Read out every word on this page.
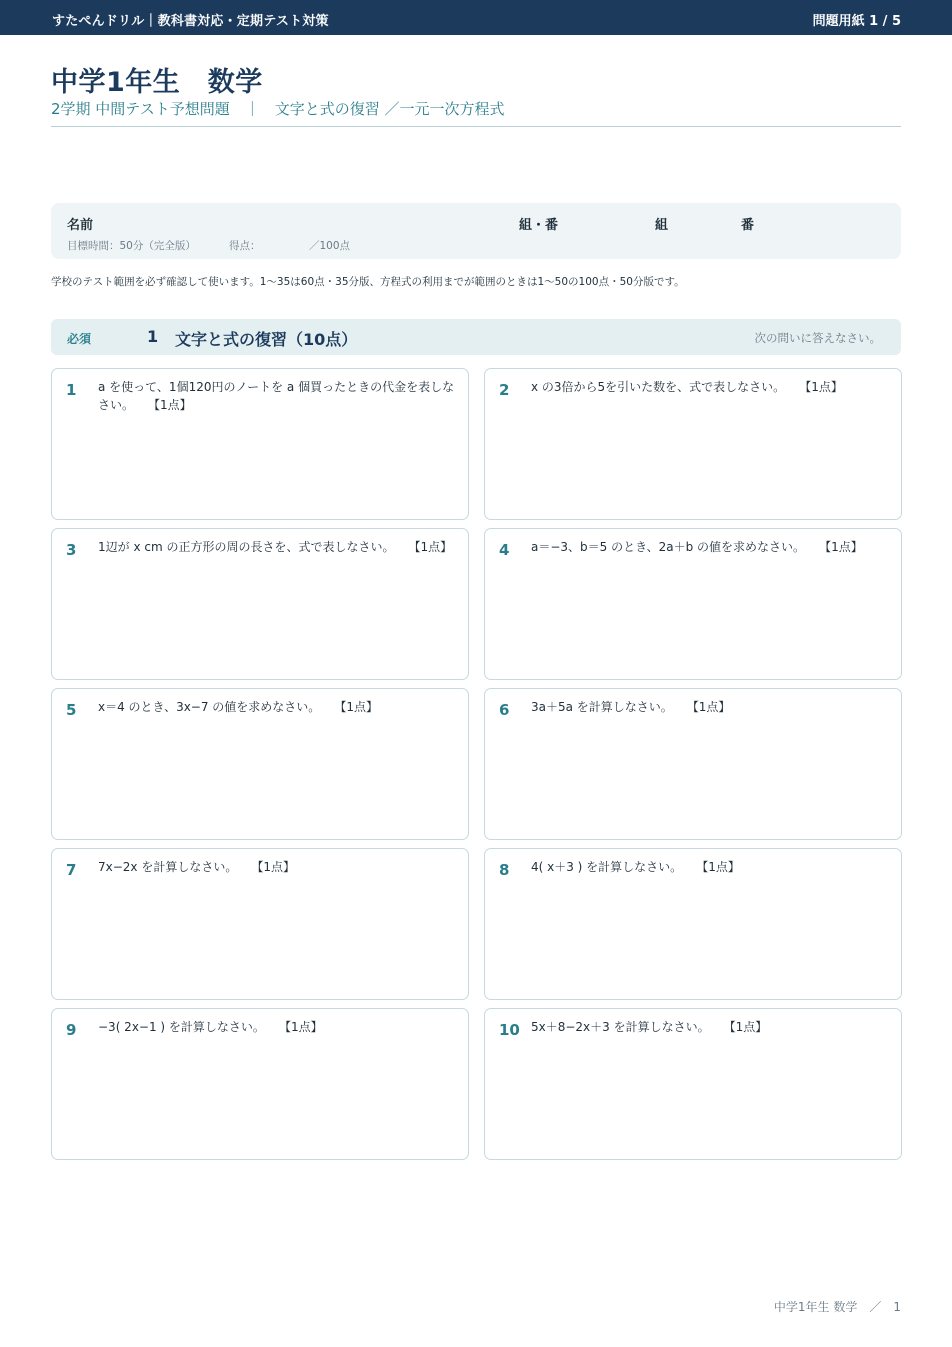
すたぺんドリル｜教科書対応・定期テスト対策	問題用紙 1 / 5
中学1年生　数学
2学期 中間テスト予想問題　｜　文字と式の復習 ／一元一次方程式
名前	組・番	組	番
目標時間：50分（完全版）	得点：	／100点
学校のテスト範囲を必ず確認して使います。1〜35は60点・35分版、方程式の利用までが範囲のときは1〜50の100点・50分版です。
必須	1 文字と式の復習（10点）	次の問いに答えなさい。
1	a を使って、1個120円のノートを a 個買ったときの代金を表しなさい。 【1点】
2	x の3倍から5を引いた数を、式で表しなさい。 【1点】
3	1辺が x cm の正方形の周の長さを、式で表しなさい。 【1点】	4	a＝−3、b＝5 のとき、2a＋b の値を求めなさい。 【1点】
5	x＝4 のとき、3x−7 の値を求めなさい。 【1点】	6	3a＋5a を計算しなさい。 【1点】
7	7x−2x を計算しなさい。 【1点】	8	4( x＋3 ) を計算しなさい。 【1点】
9	−3( 2x−1 ) を計算しなさい。 【1点】	10 5x＋8−2x＋3 を計算しなさい。 【1点】
中学1年生 数学　／　1
